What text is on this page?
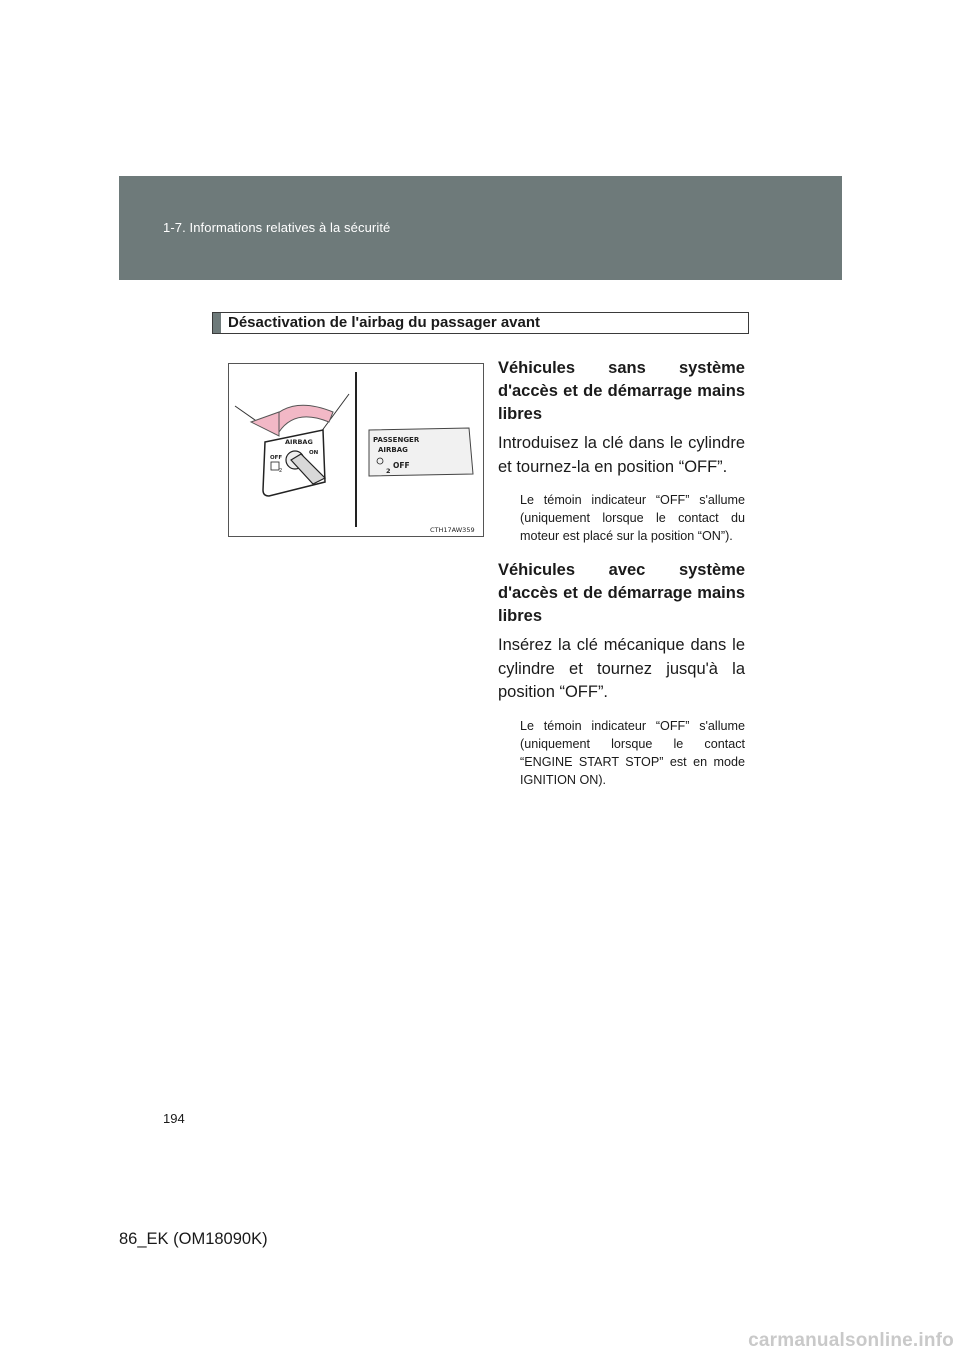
1-7. Informations relatives à la sécurité
Désactivation de l'airbag du passager avant
AIRBAG
OFF
ON
2
PASSENGER
AIRBAG
2
OFF
CTH17AW359

Véhicules sans système d'accès et de démarrage mains libres

Introduisez la clé dans le cylindre et tournez-la en position “OFF”.

Le témoin indicateur “OFF” s'allume (uniquement lorsque le contact du moteur est placé sur la position “ON”).

Véhicules avec système d'accès et de démarrage mains libres

Insérez la clé mécanique dans le cylindre et tournez jusqu'à la position “OFF”.

Le témoin indicateur “OFF” s'allume (uniquement lorsque le contact “ENGINE START STOP” est en mode IGNITION ON).

194
86_EK (OM18090K)
carmanualsonline.info
